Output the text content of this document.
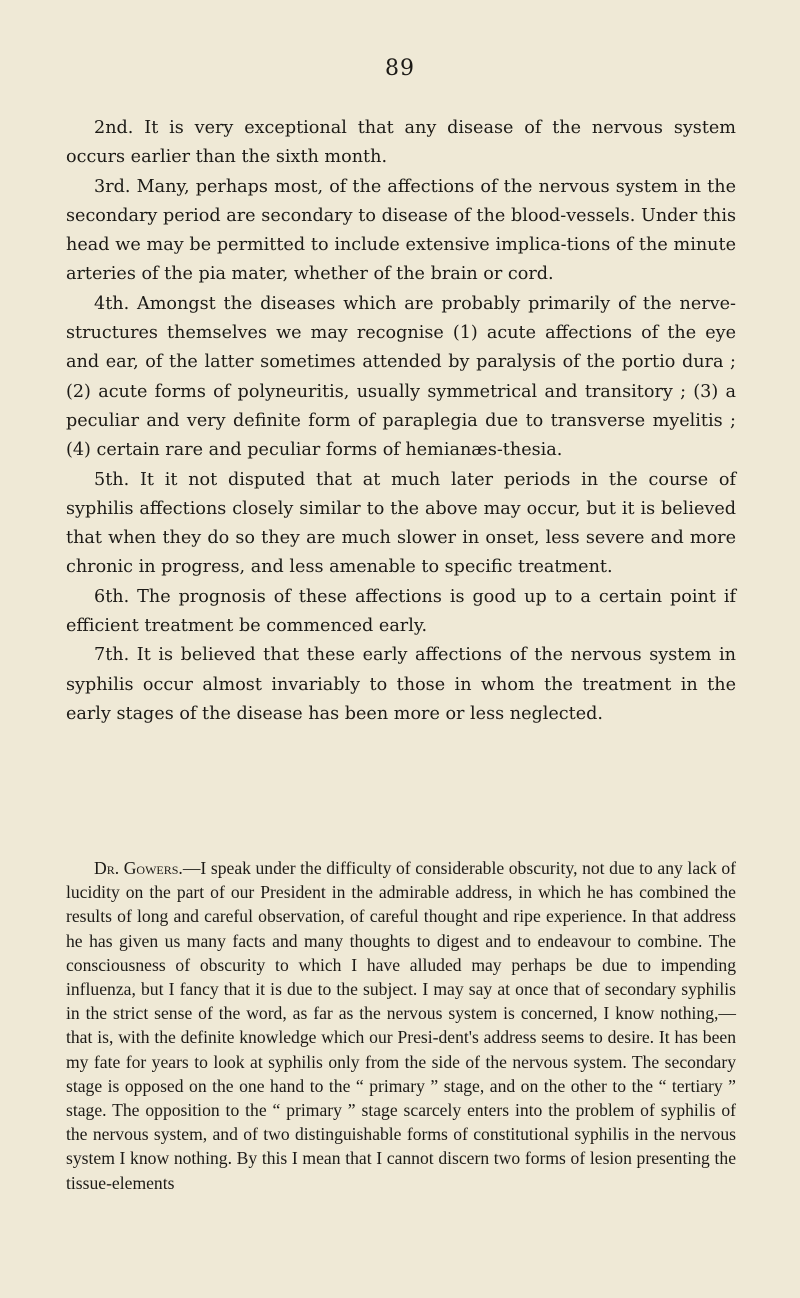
89

2nd. It is very exceptional that any disease of the nervous system occurs earlier than the sixth month.

3rd. Many, perhaps most, of the affections of the nervous system in the secondary period are secondary to disease of the blood-vessels. Under this head we may be permitted to include extensive implica-tions of the minute arteries of the pia mater, whether of the brain or cord.

4th. Amongst the diseases which are probably primarily of the nerve-structures themselves we may recognise (1) acute affections of the eye and ear, of the latter sometimes attended by paralysis of the portio dura ; (2) acute forms of polyneuritis, usually symmetrical and transitory ; (3) a peculiar and very definite form of paraplegia due to transverse myelitis ; (4) certain rare and peculiar forms of hemianæs-thesia.

5th. It it not disputed that at much later periods in the course of syphilis affections closely similar to the above may occur, but it is believed that when they do so they are much slower in onset, less severe and more chronic in progress, and less amenable to specific treatment.

6th. The prognosis of these affections is good up to a certain point if efficient treatment be commenced early.

7th. It is believed that these early affections of the nervous system in syphilis occur almost invariably to those in whom the treatment in the early stages of the disease has been more or less neglected.

Dr. Gowers.—I speak under the difficulty of considerable obscurity, not due to any lack of lucidity on the part of our President in the admirable address, in which he has combined the results of long and careful observation, of careful thought and ripe experience. In that address he has given us many facts and many thoughts to digest and to endeavour to combine. The consciousness of obscurity to which I have alluded may perhaps be due to impending influenza, but I fancy that it is due to the subject. I may say at once that of secondary syphilis in the strict sense of the word, as far as the nervous system is concerned, I know nothing,—that is, with the definite knowledge which our Presi-dent's address seems to desire. It has been my fate for years to look at syphilis only from the side of the nervous system. The secondary stage is opposed on the one hand to the “ primary ” stage, and on the other to the “ tertiary ” stage. The opposition to the “ primary ” stage scarcely enters into the problem of syphilis of the nervous system, and of two distinguishable forms of constitutional syphilis in the nervous system I know nothing. By this I mean that I cannot discern two forms of lesion presenting the tissue-elements
